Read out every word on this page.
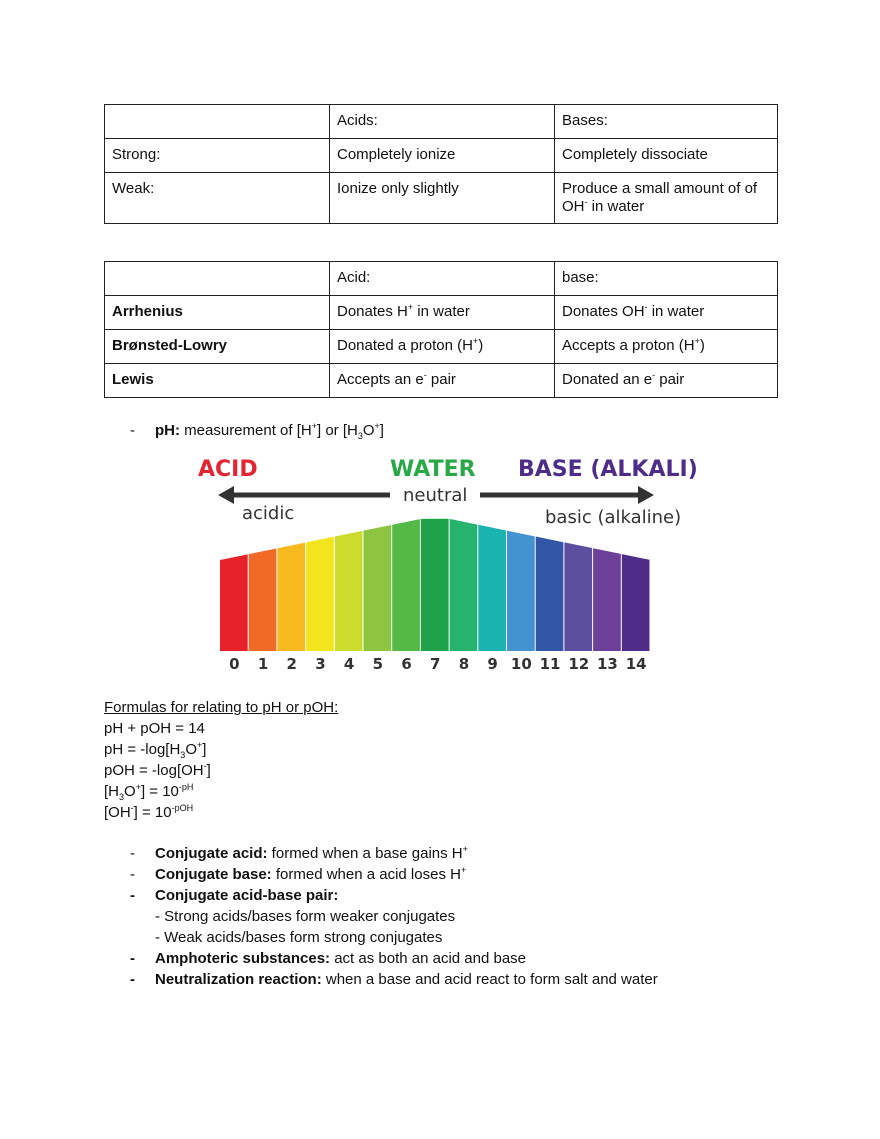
	Acids:	Bases:
Strong:	Completely ionize	Completely dissociate
Weak:	Ionize only slightly	Produce a small amount of of OH- in water
	Acid:	base:
Arrhenius	Donates H+ in water	Donates OH- in water
Brønsted-Lowry	Donated a proton (H+)	Accepts a proton (H+)
Lewis	Accepts an e- pair	Donated an e- pair
- pH: measurement of [H+] or $[H_3O^+]$
ACID	WATER BASE (ALKALI)
neutral
acidic	basic (alkaline)
0 1 2 3 4 5 6 7 8 9 10 11 12 13 14
Formulas for relating to pH or pOH:
pH + pOH = 14
pH = $-\log[H_3O^+]$
pOH = -log[OH-]
$[H_3O^+] = 10^{-pH}$
$[OH^-] = 10^{-pOH}$
- Conjugate acid: formed when a base gains H+
- Conjugate base: formed when a acid loses H+
- Conjugate acid-base pair:
- Strong acids/bases form weaker conjugates
- Weak acids/bases form strong conjugates
- Amphoteric substances: act as both an acid and base
- Neutralization reaction: when a base and acid react to form salt and water
